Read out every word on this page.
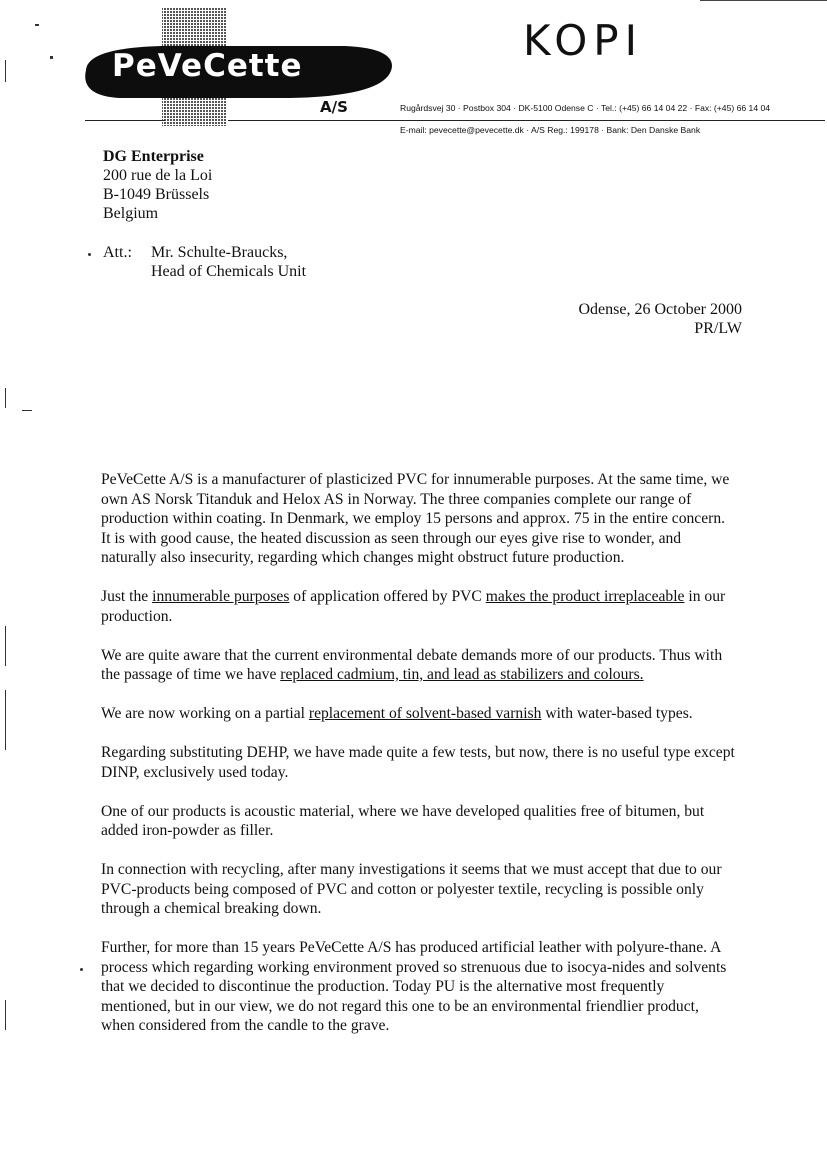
PeVeCette
A/S
KOPI
Rugårdsvej 30 · Postbox 304 · DK-5100 Odense C · Tel.: (+45) 66 14 04 22 · Fax: (+45) 66 14 04
E-mail: pevecette@pevecette.dk · A/S Reg.: 199178 · Bank: Den Danske Bank
DG Enterprise
200 rue de la Loi
B-1049 Brüssels
Belgium
Att.:	Mr. Schulte-Braucks,
Head of Chemicals Unit
Odense, 26 October 2000
PR/LW

PeVeCette A/S is a manufacturer of plasticized PVC for innumerable purposes. At the same time, we own AS Norsk Titanduk and Helox AS in Norway. The three companies complete our range of production within coating. In Denmark, we employ 15 persons and approx. 75 in the entire concern. It is with good cause, the heated discussion as seen through our eyes give rise to wonder, and naturally also insecurity, regarding which changes might obstruct future production.

Just the innumerable purposes of application offered by PVC makes the product irreplaceable in our production.

We are quite aware that the current environmental debate demands more of our products. Thus with the passage of time we have replaced cadmium, tin, and lead as stabilizers and colours.

We are now working on a partial replacement of solvent-based varnish with water-based types.

Regarding substituting DEHP, we have made quite a few tests, but now, there is no useful type except DINP, exclusively used today.

One of our products is acoustic material, where we have developed qualities free of bitumen, but added iron-powder as filler.

In connection with recycling, after many investigations it seems that we must accept that due to our PVC-products being composed of PVC and cotton or polyester textile, recycling is possible only through a chemical breaking down.

Further, for more than 15 years PeVeCette A/S has produced artificial leather with polyure-thane. A process which regarding working environment proved so strenuous due to isocya-nides and solvents that we decided to discontinue the production. Today PU is the alternative most frequently mentioned, but in our view, we do not regard this one to be an environmental friendlier product, when considered from the candle to the grave.
